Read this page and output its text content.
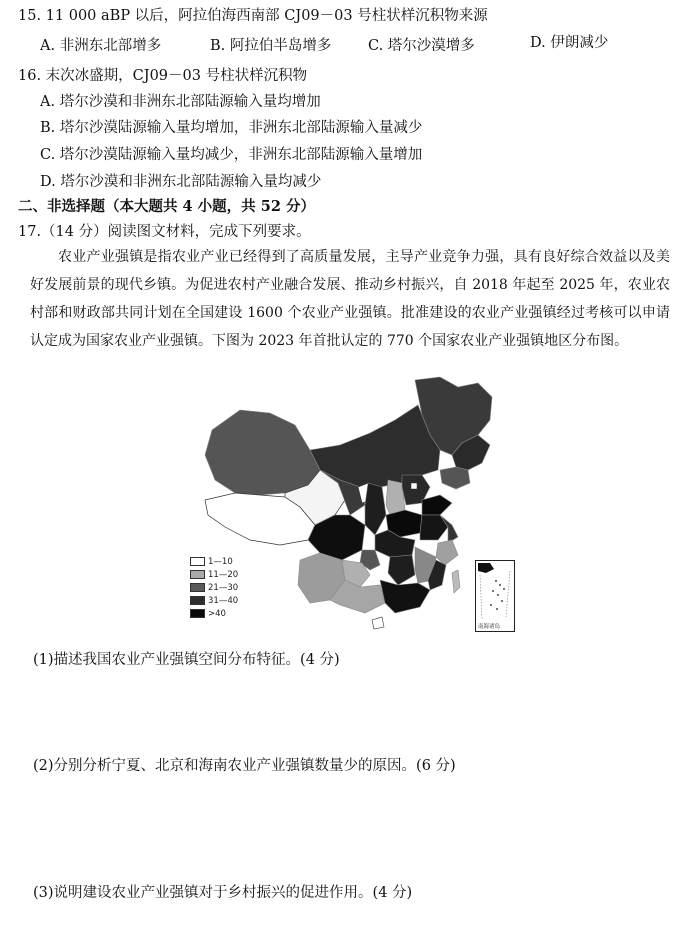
15. 11 000 aBP 以后，阿拉伯海西南部 CJ09－03 号柱状样沉积物来源
A. 非洲东北部增多	B. 阿拉伯半岛增多	C. 塔尔沙漠增多	D. 伊朗减少
16. 末次冰盛期，CJ09－03 号柱状样沉积物
A. 塔尔沙漠和非洲东北部陆源输入量均增加
B. 塔尔沙漠陆源输入量均增加，非洲东北部陆源输入量减少
C. 塔尔沙漠陆源输入量均减少，非洲东北部陆源输入量增加
D. 塔尔沙漠和非洲东北部陆源输入量均减少
二、非选择题（本大题共 4 小题，共 52 分）
17.（14 分）阅读图文材料，完成下列要求。
农业产业强镇是指农业产业已经得到了高质量发展，主导产业竞争力强，具有良好综合效益以及美好发展前景的现代乡镇。为促进农村产业融合发展、推动乡村振兴，自 2018 年起至 2025 年，农业农村部和财政部共同计划在全国建设 1600 个农业产业强镇。批准建设的农业产业强镇经过考核可以申请认定成为国家农业产业强镇。下图为 2023 年首批认定的 770 个国家农业产业强镇地区分布图。
1—10
11—20
21—30
31—40
>40
南海诸岛
(1)描述我国农业产业强镇空间分布特征。(4 分)
(2)分别分析宁夏、北京和海南农业产业强镇数量少的原因。(6 分)
(3)说明建设农业产业强镇对于乡村振兴的促进作用。(4 分)
